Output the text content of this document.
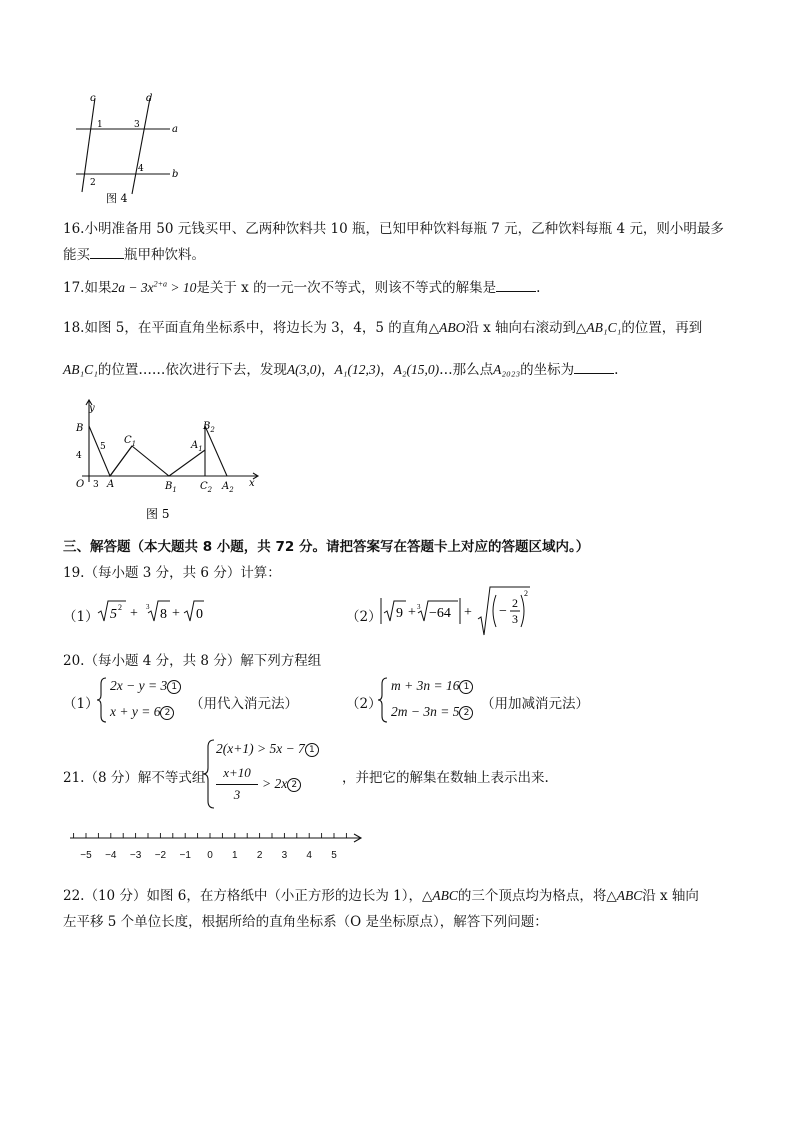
c	d
a
b
1
2
3
4
图 4
16.小明准备用 50 元钱买甲、乙两种饮料共 10 瓶，已知甲种饮料每瓶 7 元，乙种饮料每瓶 4 元，则小明最多
能买	瓶甲种饮料。
17.如果$2a - 3x^{2+a} > 10$是关于 x 的一元一次不等式，则该不等式的解集是	.
18.如图 5，在平面直角坐标系中，将边长为 3，4，5 的直角△ABO沿 x 轴向右滚动到△AB₁C₁的位置，再到
AB₁C₁的位置……依次进行下去，发现A(3,0)，A₁(12,3)，A₂(15,0)…那么点A₂₀₂₃的坐标为	.
y
x
O
B
4
5
3 A
$C_1$
$B_1$
$A_1$
$B_2$
$C_2$ $A_2$
图 5
三、解答题（本大题共 8 小题，共 72 分。请把答案写在答题卡上对应的答题区域内。）
19.（每小题 3 分，共 6 分）计算：
（1） 5 2 + 3 8 + 0	（2） 9 + 3 −64 + −
2
3
2
20.（每小题 4 分，共 8 分）解下列方程组
（1）
2x − y = 3 1
x + y = 6 2
（用代入消元法）	（2）
m + 3n = 16 1
2m − 3n = 5 2
（用加减消元法）
21.（8 分）解不等式组
2(x+1) > 5x − 7 1
x+10
3
> 2x 2	，并把它的解集在数轴上表示出来.
−5 −4 −3 −2 −1 0 1 2 3 4 5
22.（10 分）如图 6，在方格纸中（小正方形的边长为 1），△ABC的三个顶点均为格点，将△ABC沿 x 轴向
左平移 5 个单位长度，根据所给的直角坐标系（O 是坐标原点），解答下列问题：
